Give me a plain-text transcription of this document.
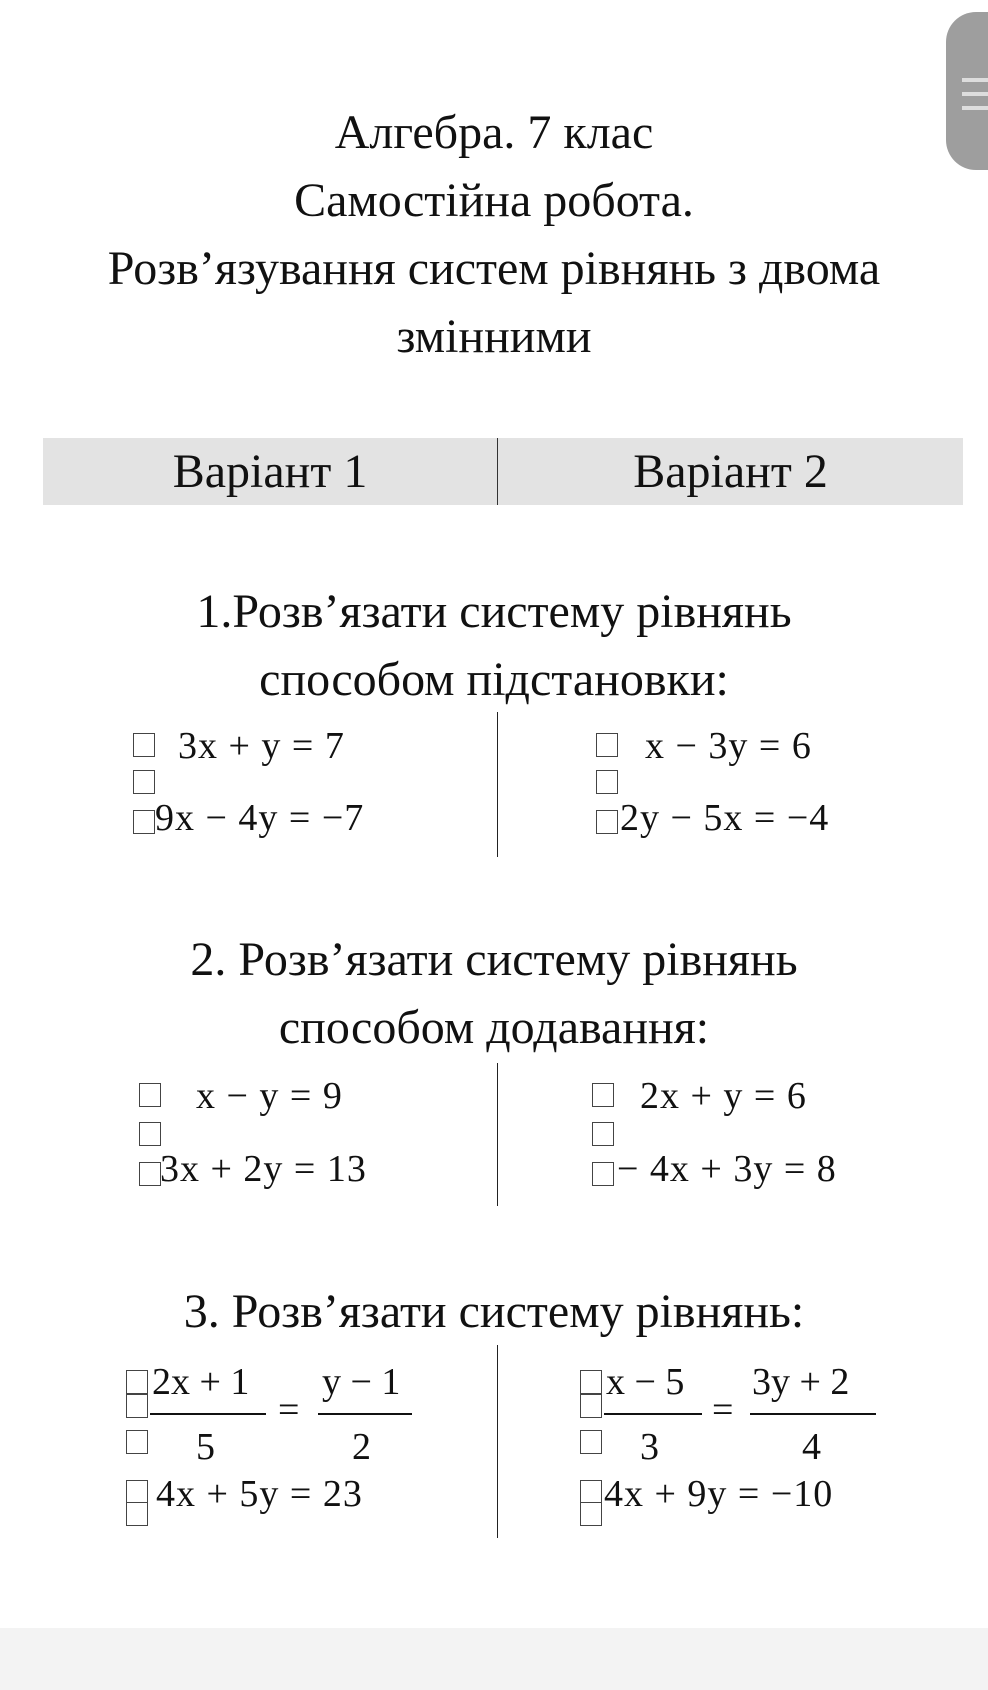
Алгебра. 7 клас
Самостійна робота.
Розв’язування систем рівнянь з двома
змінними
Варіант 1	Варіант 2
1.Розв’язати систему рівнянь
способом підстановки:
3x + y = 7
9x − 4y = −7
x − 3y = 6
2y − 5x = −4
2. Розв’язати систему рівнянь
способом додавання:
x − y = 9
3x + 2y = 13
2x + y = 6
− 4x + 3y = 8
3. Розв’язати систему рівнянь:
2x + 1
5
=
y − 1
2
4x + 5y = 23
x − 5
3
=
3y + 2
4
4x + 9y = −10
